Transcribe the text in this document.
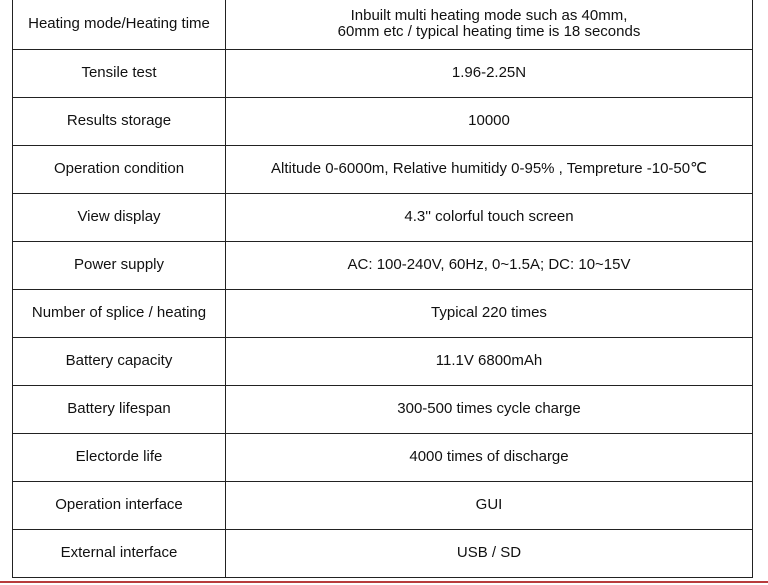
Heating mode/Heating time	Inbuilt multi heating mode such as 40mm,
60mm etc / typical heating time is 18 seconds

Tensile test	1.96-2.25N
Results storage	10000
Operation condition	Altitude 0-6000m, Relative humitidy 0-95% , Tempreture -10-50℃
View display	4.3'' colorful touch screen
Power supply	AC: 100-240V, 60Hz, 0~1.5A; DC: 10~15V
Number of splice / heating	Typical 220 times
Battery capacity	11.1V 6800mAh
Battery lifespan	300-500 times cycle charge
Electorde life	4000 times of discharge
Operation interface	GUI
External interface	USB / SD
